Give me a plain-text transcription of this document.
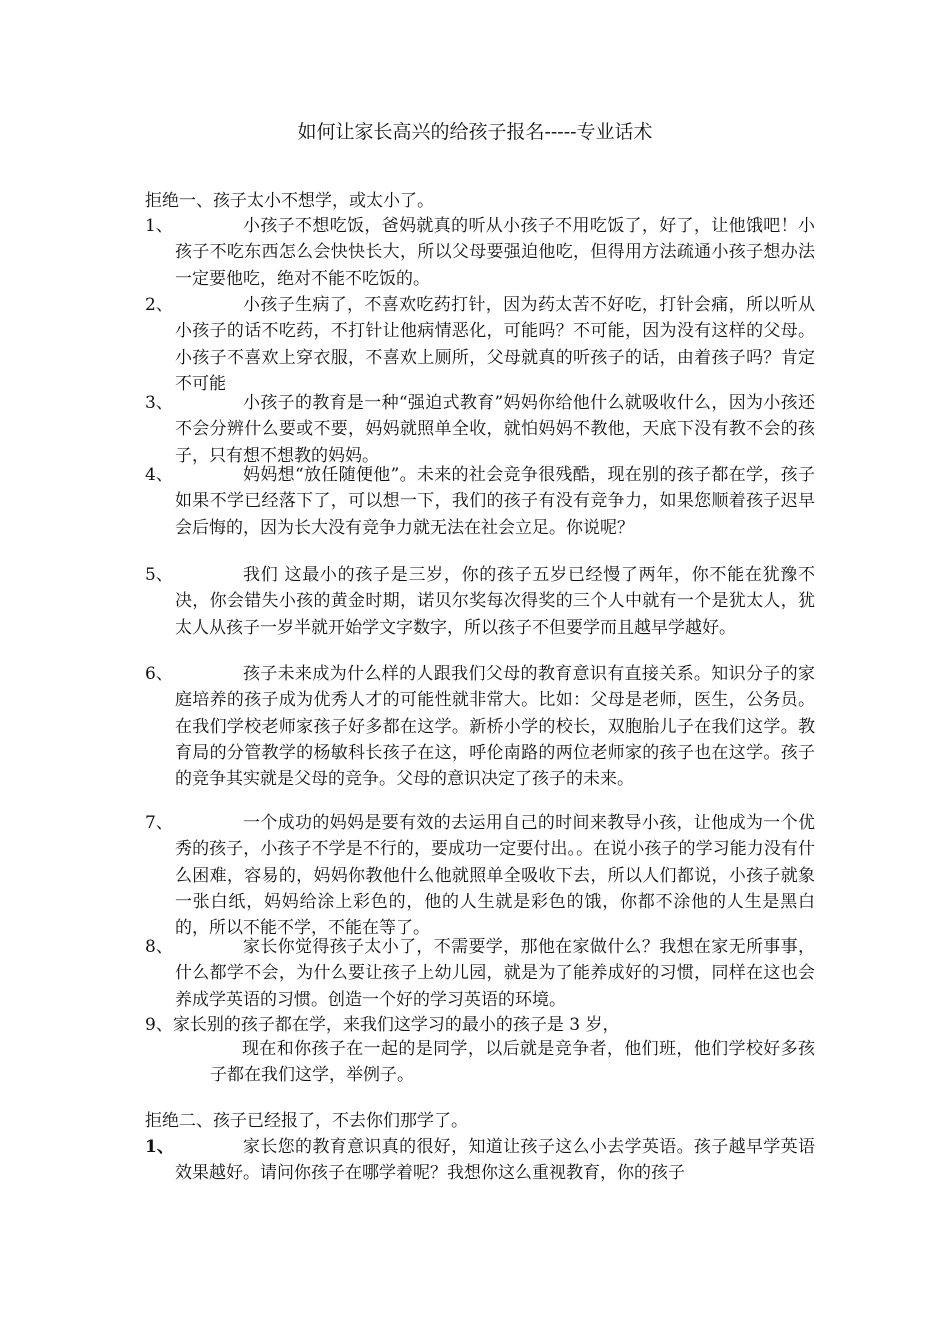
如何让家长高兴的给孩子报名-----专业话术
拒绝一、孩子太小不想学，或太小了。
1、	小孩子不想吃饭，爸妈就真的听从小孩子不用吃饭了，好了，让他饿吧！小孩子不吃东西怎么会快快长大，所以父母要强迫他吃，但得用方法疏通小孩子想办法一定要他吃，绝对不能不吃饭的。
2、	小孩子生病了，不喜欢吃药打针，因为药太苦不好吃，打针会痛，所以听从小孩子的话不吃药，不打针让他病情恶化，可能吗？不可能，因为没有这样的父母。小孩子不喜欢上穿衣服，不喜欢上厕所，父母就真的听孩子的话，由着孩子吗？肯定不可能
3、	小孩子的教育是一种“强迫式教育”妈妈你给他什么就吸收什么，因为小孩还不会分辨什么要或不要，妈妈就照单全收，就怕妈妈不教他，天底下没有教不会的孩子，只有想不想教的妈妈。
4、	妈妈想“放任随便他”。未来的社会竞争很残酷，现在别的孩子都在学，孩子如果不学已经落下了，可以想一下，我们的孩子有没有竞争力，如果您顺着孩子迟早会后悔的，因为长大没有竞争力就无法在社会立足。你说呢？
5、	我们 这最小的孩子是三岁，你的孩子五岁已经慢了两年，你不能在犹豫不决，你会错失小孩的黄金时期，诺贝尔奖每次得奖的三个人中就有一个是犹太人，犹太人从孩子一岁半就开始学文字数字，所以孩子不但要学而且越早学越好。
6、	孩子未来成为什么样的人跟我们父母的教育意识有直接关系。知识分子的家庭培养的孩子成为优秀人才的可能性就非常大。比如：父母是老师，医生，公务员。在我们学校老师家孩子好多都在这学。新桥小学的校长，双胞胎儿子在我们这学。教育局的分管教学的杨敏科长孩子在这，呼伦南路的两位老师家的孩子也在这学。孩子的竞争其实就是父母的竞争。父母的意识决定了孩子的未来。
7、	一个成功的妈妈是要有效的去运用自己的时间来教导小孩，让他成为一个优秀的孩子，小孩子不学是不行的，要成功一定要付出。。在说小孩子的学习能力没有什么困难，容易的，妈妈你教他什么他就照单全吸收下去，所以人们都说，小孩子就象一张白纸，妈妈给涂上彩色的，他的人生就是彩色的饿，你都不涂他的人生是黑白的，所以不能不学，不能在等了。
8、	家长你觉得孩子太小了，不需要学，那他在家做什么？我想在家无所事事，什么都学不会，为什么要让孩子上幼儿园，就是为了能养成好的习惯，同样在这也会养成学英语的习惯。创造一个好的学习英语的环境。
9、家长别的孩子都在学，来我们这学习的最小的孩子是 3 岁，
现在和你孩子在一起的是同学，以后就是竞争者，他们班，他们学校好多孩子都在我们这学，举例子。
拒绝二、孩子已经报了，不去你们那学了。
1、	家长您的教育意识真的很好，知道让孩子这么小去学英语。孩子越早学英语效果越好。请问你孩子在哪学着呢？我想你这么重视教育，你的孩子
